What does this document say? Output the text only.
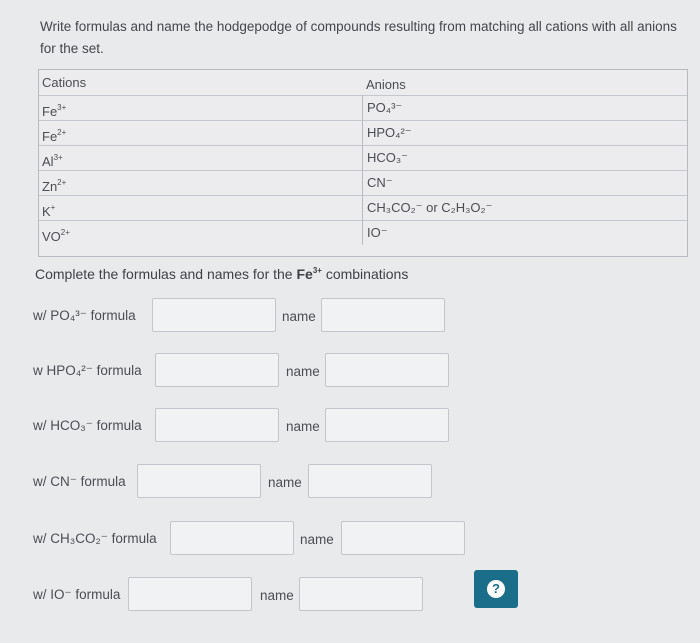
Write formulas and name the hodgepodge of compounds resulting from matching all cations with all anions for the set.
Cations	Anions
$Fe^{3+}$	PO₄³⁻
$Fe^{2+}$	HPO₄²⁻
$Al^{3+}$	HCO₃⁻
$Zn^{2+}$	CN⁻
K+	CH₃CO₂⁻ or C₂H₃O₂⁻
$VO^{2+}$	IO⁻
Complete the formulas and names for the $Fe^{3+}$ combinations
w/ PO₄³⁻ formula	name
w HPO₄²⁻ formula	name
w/ HCO₃⁻ formula	name
w/ CN⁻ formula	name
w/ CH₃CO₂⁻ formula	name
w/ IO⁻ formula	name	?
